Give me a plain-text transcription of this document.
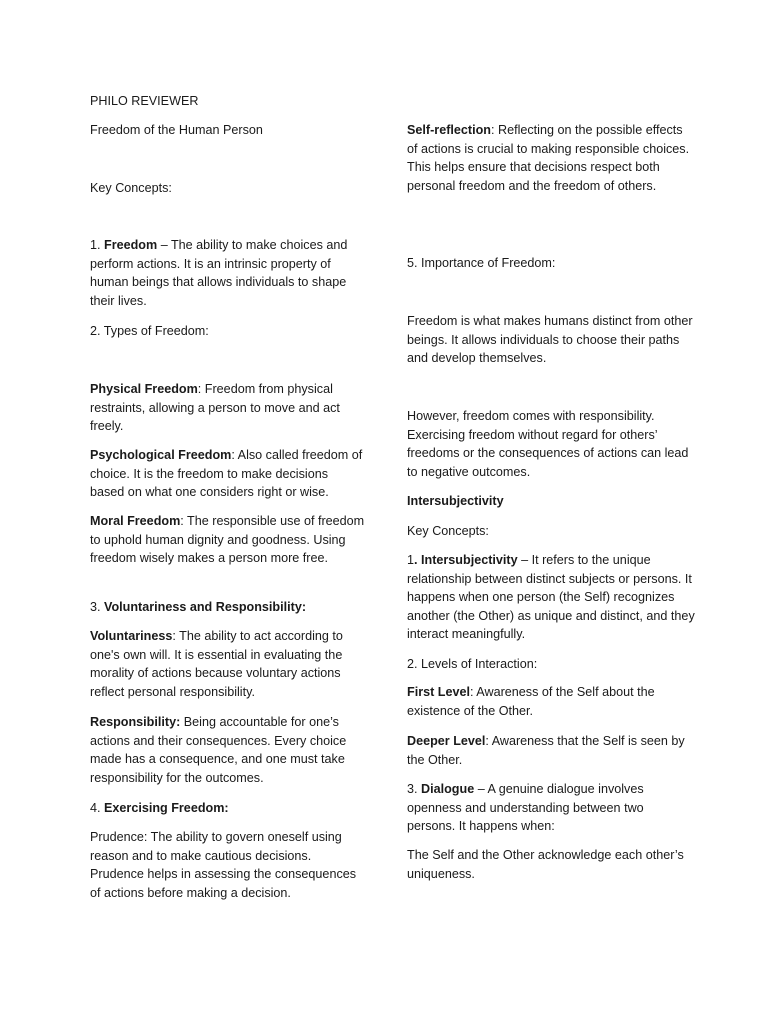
PHILO REVIEWER

Freedom of the Human Person

Key Concepts:

1. Freedom – The ability to make choices and perform actions. It is an intrinsic property of human beings that allows individuals to shape their lives.

2. Types of Freedom:

Physical Freedom: Freedom from physical restraints, allowing a person to move and act freely.

Psychological Freedom: Also called freedom of choice. It is the freedom to make decisions based on what one considers right or wise.

Moral Freedom: The responsible use of freedom to uphold human dignity and goodness. Using freedom wisely makes a person more free.

3. Voluntariness and Responsibility:

Voluntariness: The ability to act according to one's own will. It is essential in evaluating the morality of actions because voluntary actions reflect personal responsibility.

Responsibility: Being accountable for one’s actions and their consequences. Every choice made has a consequence, and one must take responsibility for the outcomes.

4. Exercising Freedom:

Prudence: The ability to govern oneself using reason and to make cautious decisions. Prudence helps in assessing the consequences of actions before making a decision.

Self-reflection: Reflecting on the possible effects of actions is crucial to making responsible choices. This helps ensure that decisions respect both personal freedom and the freedom of others.

5. Importance of Freedom:

Freedom is what makes humans distinct from other beings. It allows individuals to choose their paths and develop themselves.

However, freedom comes with responsibility. Exercising freedom without regard for others’ freedoms or the consequences of actions can lead to negative outcomes.

Intersubjectivity

Key Concepts:

1. Intersubjectivity – It refers to the unique relationship between distinct subjects or persons. It happens when one person (the Self) recognizes another (the Other) as unique and distinct, and they interact meaningfully.

2. Levels of Interaction:

First Level: Awareness of the Self about the existence of the Other.

Deeper Level: Awareness that the Self is seen by the Other.

3. Dialogue – A genuine dialogue involves openness and understanding between two persons. It happens when:

The Self and the Other acknowledge each other’s uniqueness.
